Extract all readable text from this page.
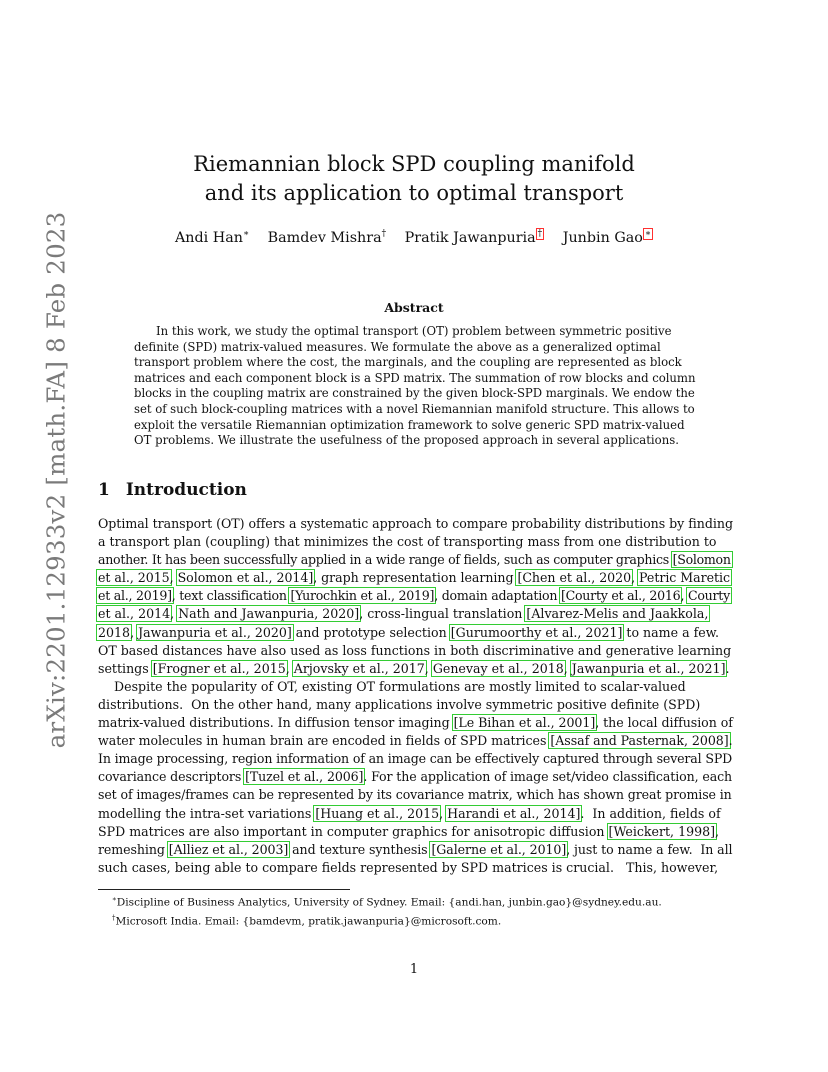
arXiv:2201.12933v2 [math.FA] 8 Feb 2023
Riemannian block SPD coupling manifold
and its application to optimal transport
Andi Han∗ Bamdev Mishra† Pratik Jawanpuria † Junbin Gao ∗
Abstract
In this work, we study the optimal transport (OT) problem between symmetric positive
definite (SPD) matrix-valued measures. We formulate the above as a generalized optimal
transport problem where the cost, the marginals, and the coupling are represented as block
matrices and each component block is a SPD matrix. The summation of row blocks and column
blocks in the coupling matrix are constrained by the given block-SPD marginals. We endow the
set of such block-coupling matrices with a novel Riemannian manifold structure. This allows to
exploit the versatile Riemannian optimization framework to solve generic SPD matrix-valued
OT problems. We illustrate the usefulness of the proposed approach in several applications.
1 Introduction
Optimal transport (OT) offers a systematic approach to compare probability distributions by finding
a transport plan (coupling) that minimizes the cost of transporting mass from one distribution to
another. It has been successfully applied in a wide range of fields, such as computer graphics [Solomon
et al., 2015, Solomon et al., 2014], graph representation learning [Chen et al., 2020, Petric Maretic
et al., 2019], text classification [Yurochkin et al., 2019], domain adaptation [Courty et al., 2016, Courty
et al., 2014, Nath and Jawanpuria, 2020], cross-lingual translation [Alvarez-Melis and Jaakkola,
2018, Jawanpuria et al., 2020] and prototype selection [Gurumoorthy et al., 2021] to name a few.
OT based distances have also used as loss functions in both discriminative and generative learning
settings [Frogner et al., 2015, Arjovsky et al., 2017, Genevay et al., 2018, Jawanpuria et al., 2021].
Despite the popularity of OT, existing OT formulations are mostly limited to scalar-valued
distributions.  On the other hand, many applications involve symmetric positive definite (SPD)
matrix-valued distributions. In diffusion tensor imaging [Le Bihan et al., 2001], the local diffusion of
water molecules in human brain are encoded in fields of SPD matrices [Assaf and Pasternak, 2008].
In image processing, region information of an image can be effectively captured through several SPD
covariance descriptors [Tuzel et al., 2006]. For the application of image set/video classification, each
set of images/frames can be represented by its covariance matrix, which has shown great promise in
modelling the intra-set variations [Huang et al., 2015, Harandi et al., 2014].  In addition, fields of
SPD matrices are also important in computer graphics for anisotropic diffusion [Weickert, 1998],
remeshing [Alliez et al., 2003] and texture synthesis [Galerne et al., 2010], just to name a few.  In all
such cases, being able to compare fields represented by SPD matrices is crucial.   This, however,
∗Discipline of Business Analytics, University of Sydney. Email: {andi.han, junbin.gao}@sydney.edu.au.
†Microsoft India. Email: {bamdevm, pratik.jawanpuria}@microsoft.com.
1
